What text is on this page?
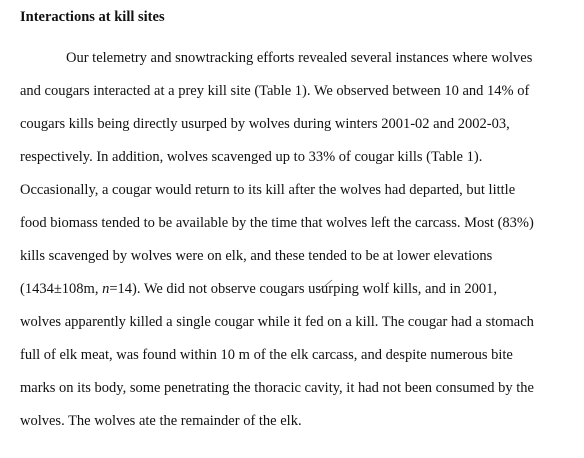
Interactions at kill sites
Our telemetry and snowtracking efforts revealed several instances where wolves
and cougars interacted at a prey kill site (Table 1). We observed between 10 and 14% of
cougars kills being directly usurped by wolves during winters 2001-02 and 2002-03,
respectively. In addition, wolves scavenged up to 33% of cougar kills (Table 1).
Occasionally, a cougar would return to its kill after the wolves had departed, but little
food biomass tended to be available by the time that wolves left the carcass. Most (83%)
kills scavenged by wolves were on elk, and these tended to be at lower elevations
(1434±108m, n=14). We did not observe cougars usurping wolf kills, and in 2001,
wolves apparently killed a single cougar while it fed on a kill. The cougar had a stomach
full of elk meat, was found within 10 m of the elk carcass, and despite numerous bite
marks on its body, some penetrating the thoracic cavity, it had not been consumed by the
wolves. The wolves ate the remainder of the elk.
